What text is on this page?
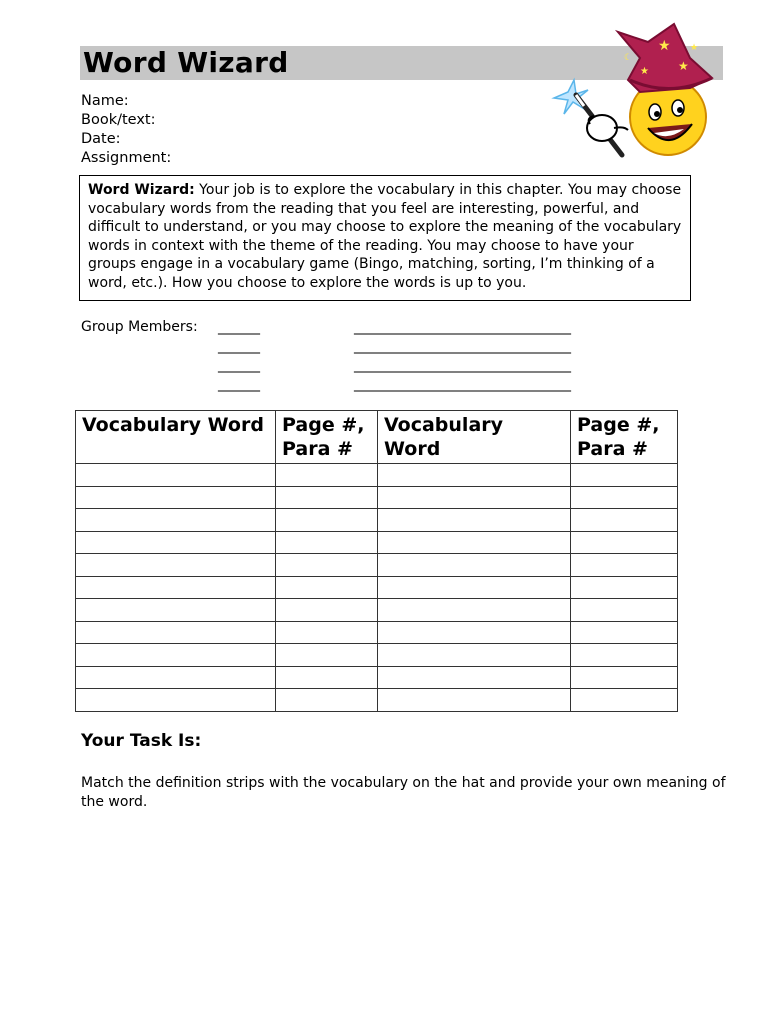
Word Wizard	★
★ ★
★
☾
Name:
Book/text:
Date:
Assignment:
Word Wizard: Your job is to explore the vocabulary in this chapter. You may choose vocabulary words from the reading that you feel are interesting, powerful, and difficult to understand, or you may choose to explore the meaning of the vocabulary words in context with the theme of the reading. You may choose to have your groups engage in a vocabulary game (Bingo, matching, sorting, I’m thinking of a word, etc.). How you choose to explore the words is up to you.
Group Members: ______
______
______
______
_______________________________
_______________________________
_______________________________
_______________________________
Vocabulary Word	Page #, Para #	Vocabulary Word	Page #, Para #

Your Task Is:
Match the definition strips with the vocabulary on the hat and provide your own meaning of the word.
